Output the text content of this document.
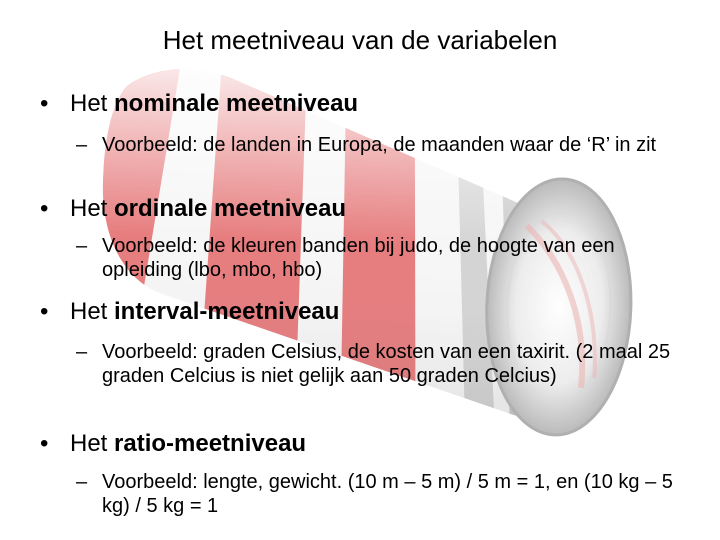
Het meetniveau van de variabelen
• Het nominale meetniveau
– Voorbeeld: de landen in Europa, de maanden waar de ‘R’ in zit
• Het ordinale meetniveau
– Voorbeeld: de kleuren banden bij judo, de hoogte van een opleiding (lbo, mbo, hbo)
• Het interval-meetniveau
– Voorbeeld: graden Celsius, de kosten van een taxirit. (2 maal 25 graden Celcius is niet gelijk aan 50 graden Celcius)
• Het ratio-meetniveau
– Voorbeeld: lengte, gewicht. (10 m – 5 m) / 5 m = 1, en (10 kg – 5 kg) / 5 kg = 1
